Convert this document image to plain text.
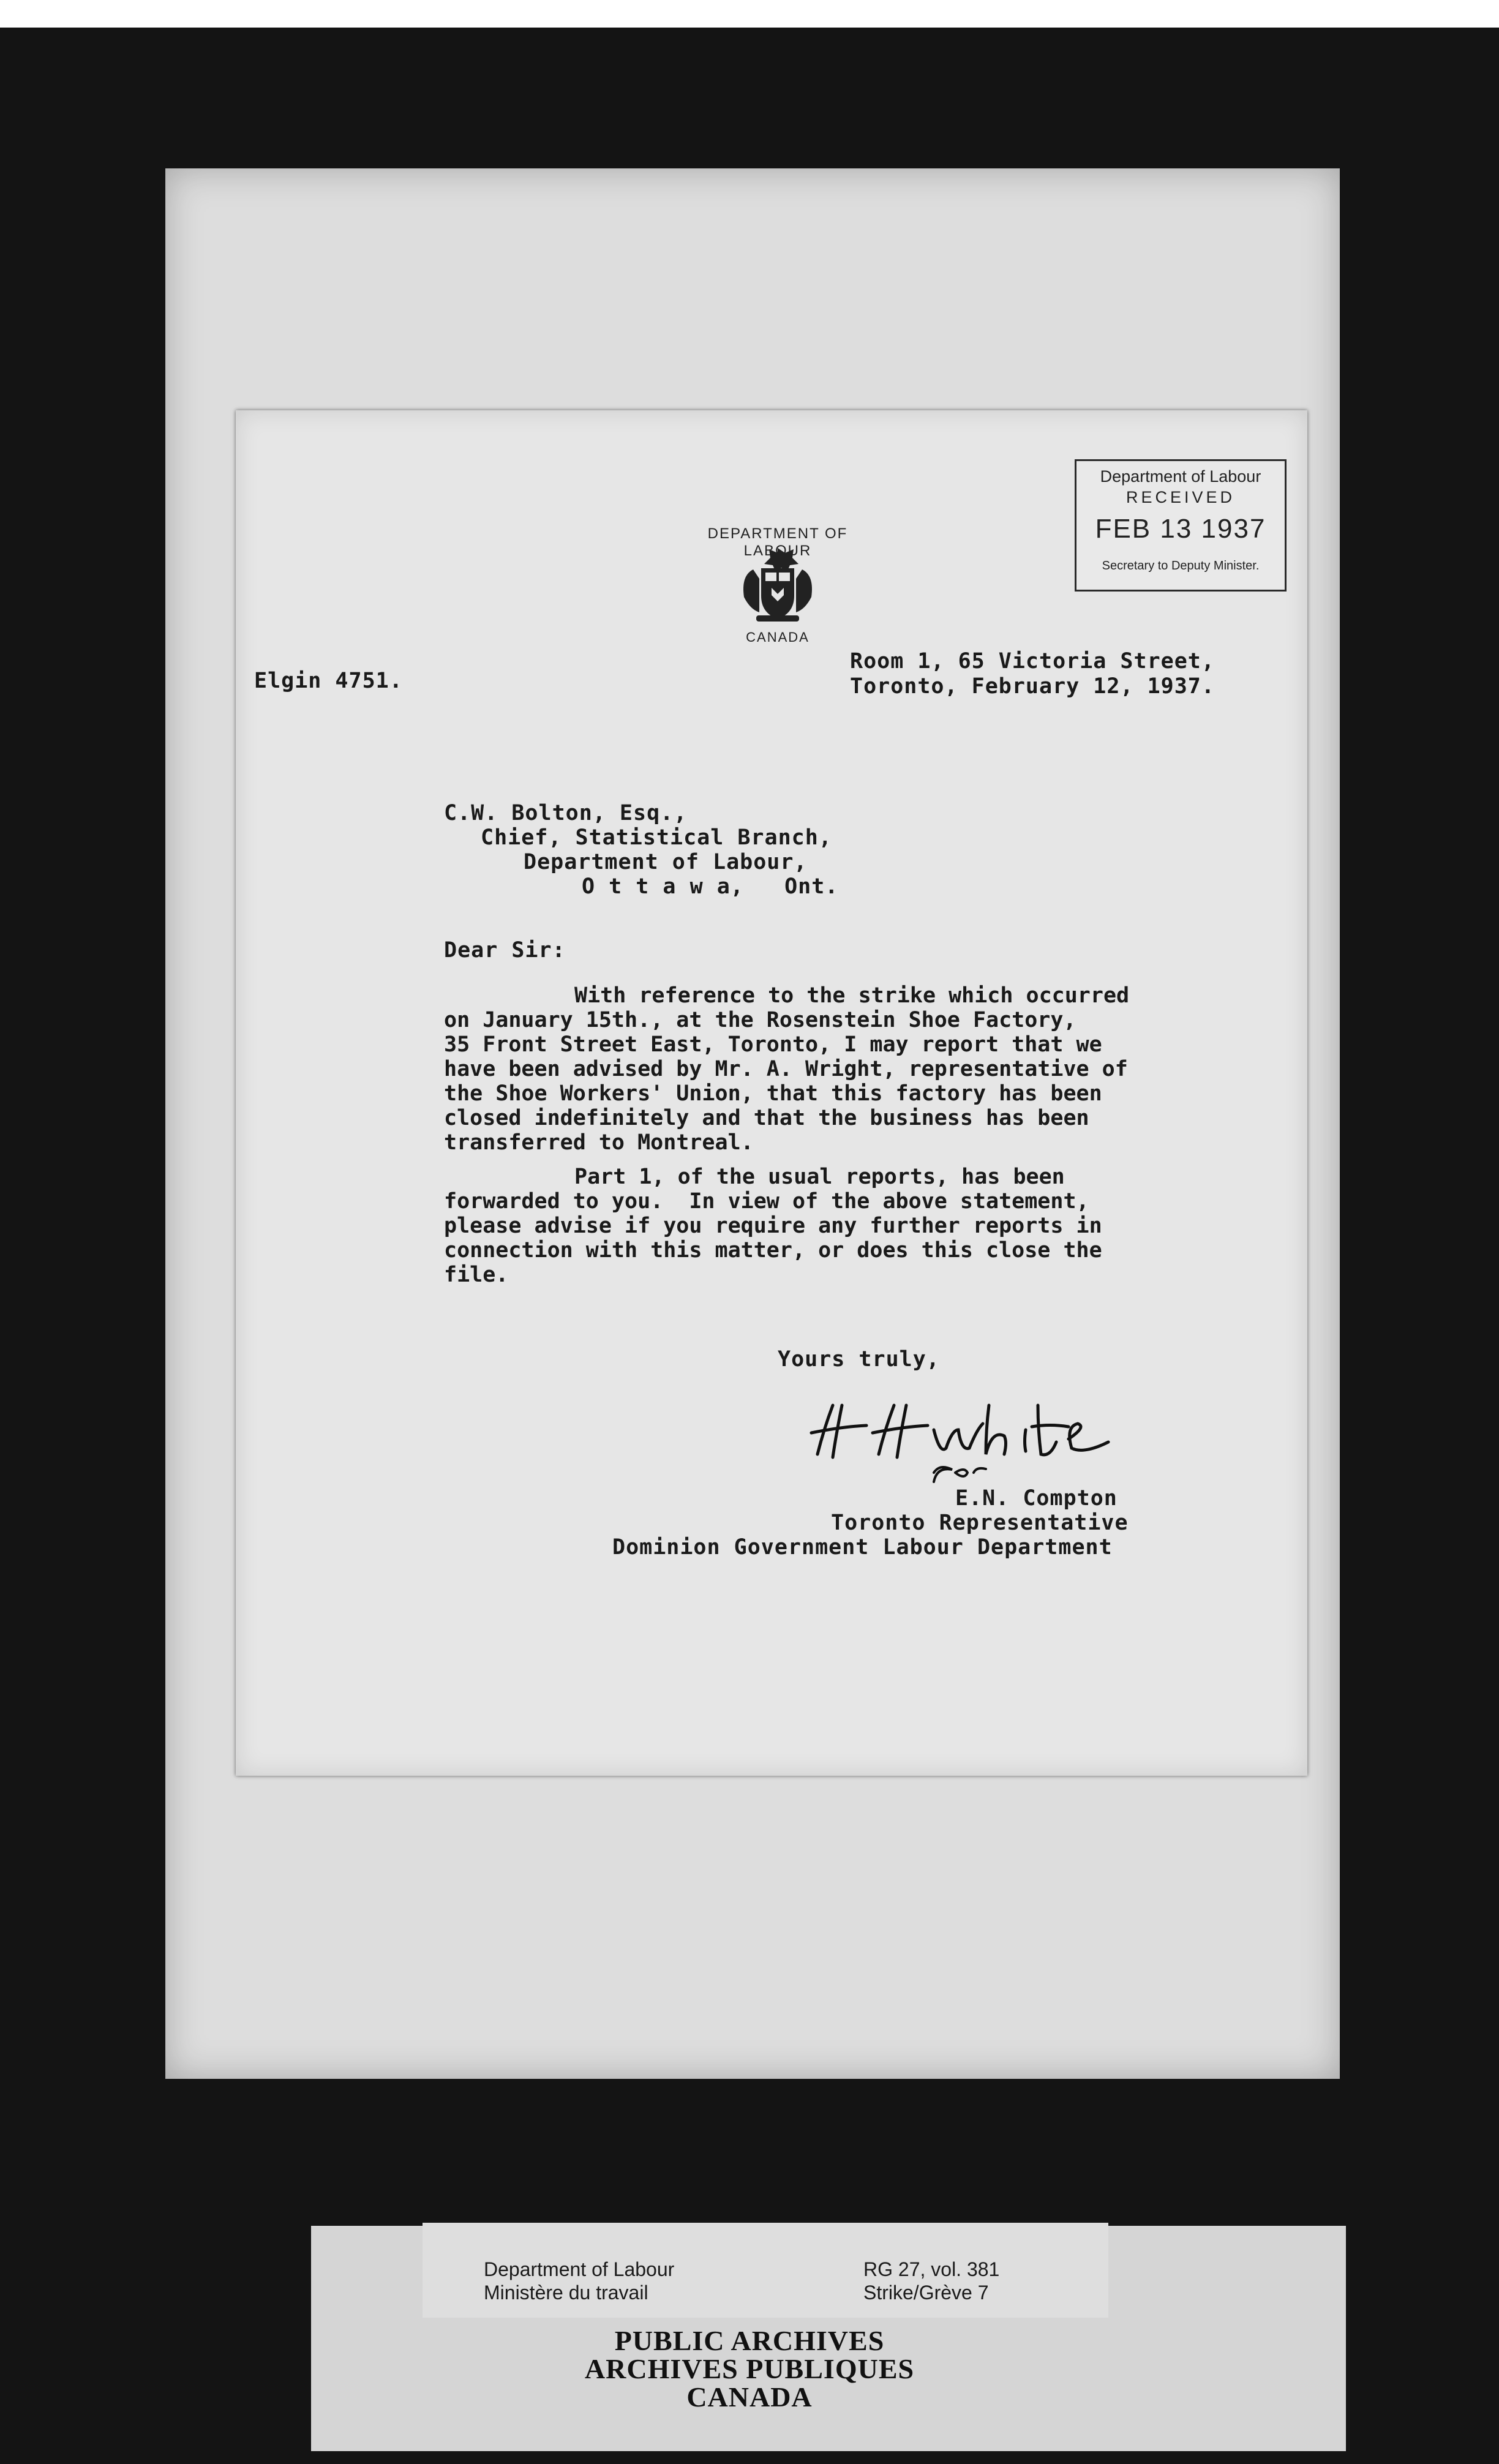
DEPARTMENT OF LABOUR
CANADA
Department of Labour
RECEIVED
FEB 13 1937
Secretary to Deputy Minister.
Elgin 4751.
Room 1, 65 Victoria Street,
Toronto, February 12, 1937.
C.W. Bolton, Esq.,
Chief, Statistical Branch,
Department of Labour,
O t t a w a,   Ont.
Dear Sir:
With reference to the strike which occurred
on January 15th., at the Rosenstein Shoe Factory,
35 Front Street East, Toronto, I may report that we
have been advised by Mr. A. Wright, representative of
the Shoe Workers' Union, that this factory has been
closed indefinitely and that the business has been
transferred to Montreal.
Part 1, of the usual reports, has been
forwarded to you.  In view of the above statement,
please advise if you require any further reports in
connection with this matter, or does this close the
file.
Yours truly,
E.N. Compton
Toronto Representative
Dominion Government Labour Department
Department of Labour
Ministère du travail
RG 27, vol. 381
Strike/Grève 7
PUBLIC ARCHIVES
ARCHIVES PUBLIQUES
CANADA
